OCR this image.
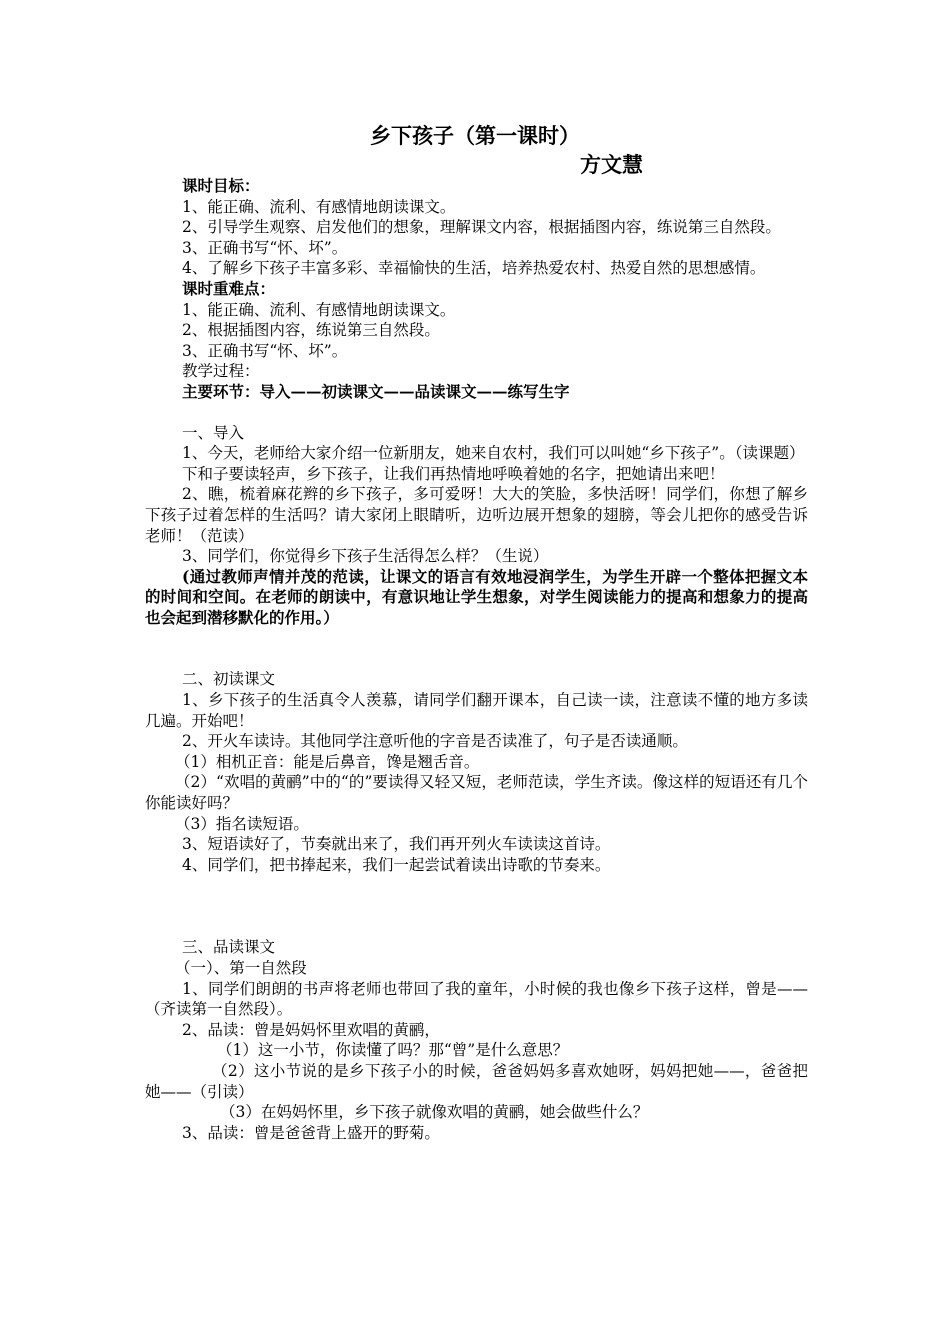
乡下孩子（第一课时）
方文慧

课时目标：

1、能正确、流利、有感情地朗读课文。

2、引导学生观察、启发他们的想象，理解课文内容，根据插图内容，练说第三自然段。

3、正确书写“怀、坏”。

4、了解乡下孩子丰富多彩、幸福愉快的生活，培养热爱农村、热爱自然的思想感情。

课时重难点：

1、能正确、流利、有感情地朗读课文。

2、根据插图内容，练说第三自然段。

3、正确书写“怀、坏”。

教学过程：

主要环节：导入——初读课文——品读课文——练写生字

一、导入

1、今天，老师给大家介绍一位新朋友，她来自农村，我们可以叫她“乡下孩子”。（读课题）

下和子要读轻声，乡下孩子，让我们再热情地呼唤着她的名字，把她请出来吧！

2、瞧，梳着麻花辫的乡下孩子，多可爱呀！大大的笑脸，多快活呀！同学们，你想了解乡下孩子过着怎样的生活吗？请大家闭上眼睛听，边听边展开想象的翅膀，等会儿把你的感受告诉老师！（范读）

3、同学们，你觉得乡下孩子生活得怎么样？（生说）

(通过教师声情并茂的范读，让课文的语言有效地浸润学生，为学生开辟一个整体把握文本的时间和空间。在老师的朗读中，有意识地让学生想象，对学生阅读能力的提高和想象力的提高也会起到潜移默化的作用。）

二、初读课文

1、乡下孩子的生活真令人羡慕，请同学们翻开课本，自己读一读，注意读不懂的地方多读几遍。开始吧！

2、开火车读诗。其他同学注意听他的字音是否读准了，句子是否读通顺。

（1）相机正音：能是后鼻音，馋是翘舌音。

（2）“欢唱的黄鹂”中的“的”要读得又轻又短，老师范读，学生齐读。像这样的短语还有几个你能读好吗？

（3）指名读短语。

3、短语读好了，节奏就出来了，我们再开列火车读读这首诗。

4、同学们，把书捧起来，我们一起尝试着读出诗歌的节奏来。

三、品读课文

（一）、第一自然段

1、同学们朗朗的书声将老师也带回了我的童年，小时候的我也像乡下孩子这样，曾是——（齐读第一自然段）。

2、品读：曾是妈妈怀里欢唱的黄鹂，

（1）这一小节，你读懂了吗？那“曾”是什么意思？

（2）这小节说的是乡下孩子小的时候，爸爸妈妈多喜欢她呀，妈妈把她——，爸爸把她——（引读）

（3）在妈妈怀里，乡下孩子就像欢唱的黄鹂，她会做些什么？

3、品读：曾是爸爸背上盛开的野菊。
